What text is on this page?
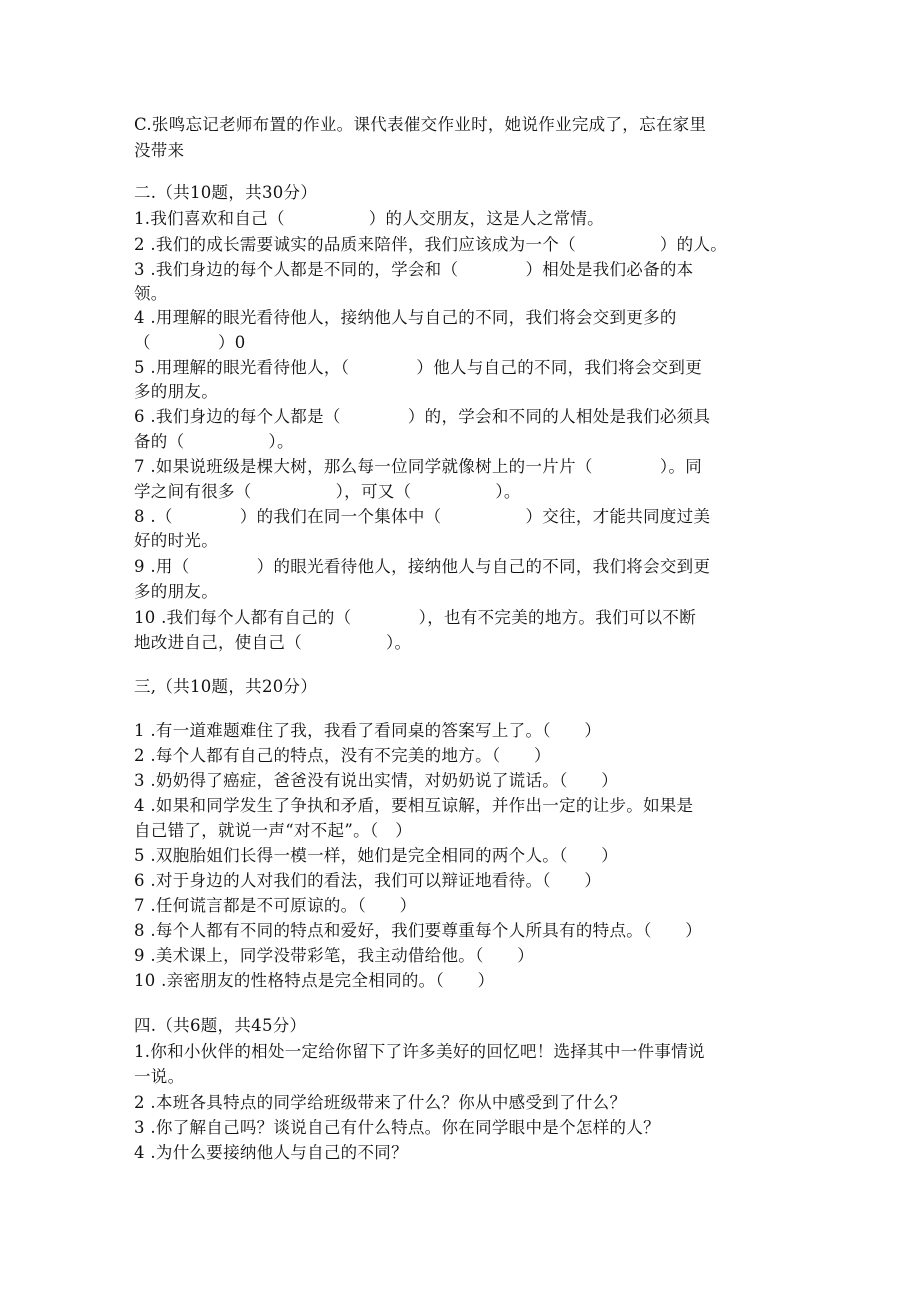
C.张鸣忘记老师布置的作业。课代表催交作业时，她说作业完成了，忘在家里
没带来
二.（共10题，共30分）
1.我们喜欢和自己（　　　　　）的人交朋友，这是人之常情。
2 .我们的成长需要诚实的品质来陪伴，我们应该成为一个（　　　　　）的人。
3 .我们身边的每个人都是不同的，学会和（　　　　）相处是我们必备的本
领。
4 .用理解的眼光看待他人，接纳他人与自己的不同，我们将会交到更多的
（　　　　）0
5 .用理解的眼光看待他人，（　　　　）他人与自己的不同，我们将会交到更
多的朋友。
6 .我们身边的每个人都是（　　　　）的，学会和不同的人相处是我们必须具
备的（　　　　　）。
7 .如果说班级是棵大树，那么每一位同学就像树上的一片片（　　　　）。同
学之间有很多（　　　　　），可又（　　　　　）。
8 .（　　　　）的我们在同一个集体中（　　　　　）交往，才能共同度过美
好的时光。
9 .用（　　　　）的眼光看待他人，接纳他人与自己的不同，我们将会交到更
多的朋友。
10 .我们每个人都有自己的（　　　　），也有不完美的地方。我们可以不断
地改进自己，使自己（　　　　　）。
三,（共10题，共20分）
1 .有一道难题难住了我，我看了看同桌的答案写上了。（　　）
2 .每个人都有自己的特点，没有不完美的地方。（　　）
3 .奶奶得了癌症，爸爸没有说出实情，对奶奶说了谎话。（　　）
4 .如果和同学发生了争执和矛盾，要相互谅解，并作出一定的让步。如果是
自己错了，就说一声“对不起”。（　）
5 .双胞胎姐们长得一模一样，她们是完全相同的两个人。（　　）
6 .对于身边的人对我们的看法，我们可以辩证地看待。（　　）
7 .任何谎言都是不可原谅的。（　　）
8 .每个人都有不同的特点和爱好，我们要尊重每个人所具有的特点。（　　）
9 .美术课上，同学没带彩笔，我主动借给他。（　　）
10 .亲密朋友的性格特点是完全相同的。（　　）
四.（共6题，共45分）
1.你和小伙伴的相处一定给你留下了许多美好的回忆吧！选择其中一件事情说
一说。
2 .本班各具特点的同学给班级带来了什么？你从中感受到了什么？
3 .你了解自己吗？谈说自己有什么特点。你在同学眼中是个怎样的人？
4 .为什么要接纳他人与自己的不同？
